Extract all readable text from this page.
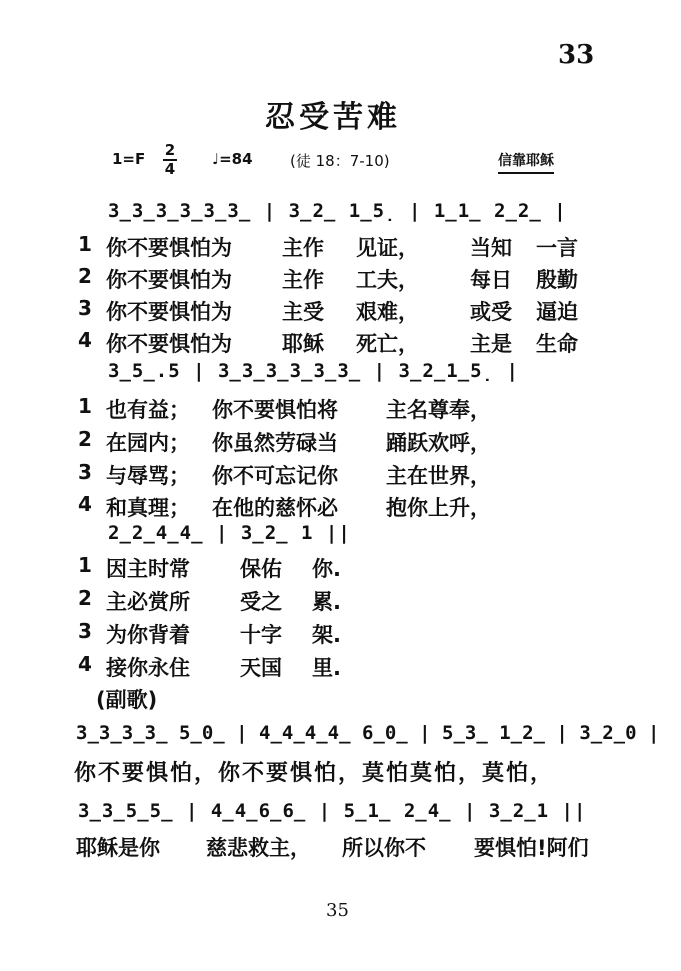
33
忍受苦难
1=F 2
4
♩=84 (徒 18：7-10)	信靠耶稣
3̲3̲3̲3̲3̲3̲ | 3̲2̲ 1̲5̣ | 1̲1̲ 2̲2̲ |
1 你不要惧怕为 主作 见证， 当知 一言
2 你不要惧怕为 主作 工夫， 每日 殷勤
3 你不要惧怕为 主受 艰难， 或受 逼迫
4 你不要惧怕为 耶稣 死亡， 主是 生命
3̲5̲.5 | 3̲3̲3̲3̲3̲3̲ | 3̲2̲1̲5̣ |
1 也有益； 你不要惧怕将 主名尊奉，
2 在园内； 你虽然劳碌当 踊跃欢呼，
3 与辱骂； 你不可忘记你 主在世界，
4 和真理； 在他的慈怀必 抱你上升，
2̲2̲4̲4̲ | 3̲2̲ 1 ||
1 因主时常 保佑 你.
2 主必赏所 受之 累.
3 为你背着 十字 架.
4 接你永住 天国 里.
(副歌)
3̲3̲3̲3̲ 5̲0̲ | 4̲4̲4̲4̲ 6̲0̲ | 5̲3̲ 1̲2̲ | 3̲2̲0 |
你不要惧怕，你不要惧怕，莫怕莫怕，莫怕，
3̲3̲5̲5̲ | 4̲4̲6̲6̲ | 5̲1̲ 2̲4̲ | 3̲2̲1 ||
耶稣是你 慈悲救主， 所以你不 要惧怕!阿们
35
